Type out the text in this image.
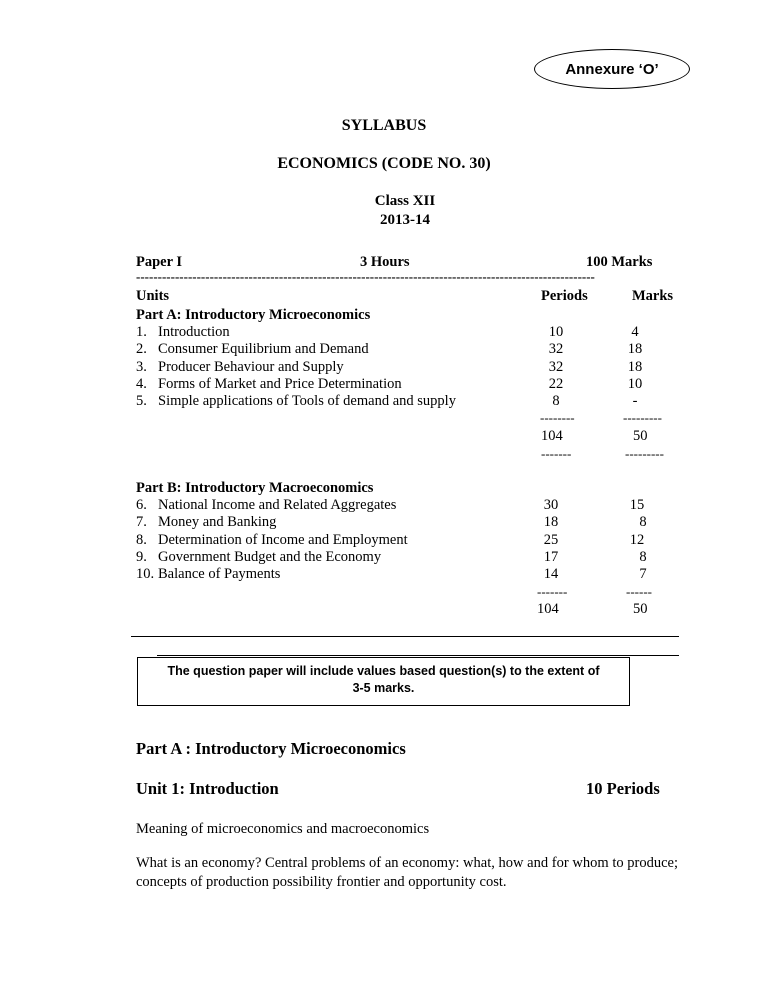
Annexure ‘O’
SYLLABUS
ECONOMICS (CODE NO. 30)
Class XII
2013-14
Paper I	3 Hours	100 Marks
----------------------------------------------------------------------------------------------------------
Units	Periods	Marks
Part A: Introductory Microeconomics
1. Introduction	10	4
2. Consumer Equilibrium and Demand	32	18
3. Producer Behaviour and Supply	32	18
4. Forms of Market and Price Determination	22	10
5. Simple applications of Tools of demand and supply	8	-
--------	---------
104	50
-------	---------
Part B: Introductory Macroeconomics
6. National Income and Related Aggregates	30	15
7. Money and Banking	18	8
8. Determination of Income and Employment	25	12
9. Government Budget and the Economy	17	8
10. Balance of Payments	14	7
-------	------
104	50
The question paper will include values based question(s) to the extent of
3-5 marks.
Part A : Introductory Microeconomics
Unit 1: Introduction	10 Periods
Meaning of microeconomics and macroeconomics
What is an economy? Central problems of an economy: what, how and for whom to produce; concepts of production possibility frontier and opportunity cost.
